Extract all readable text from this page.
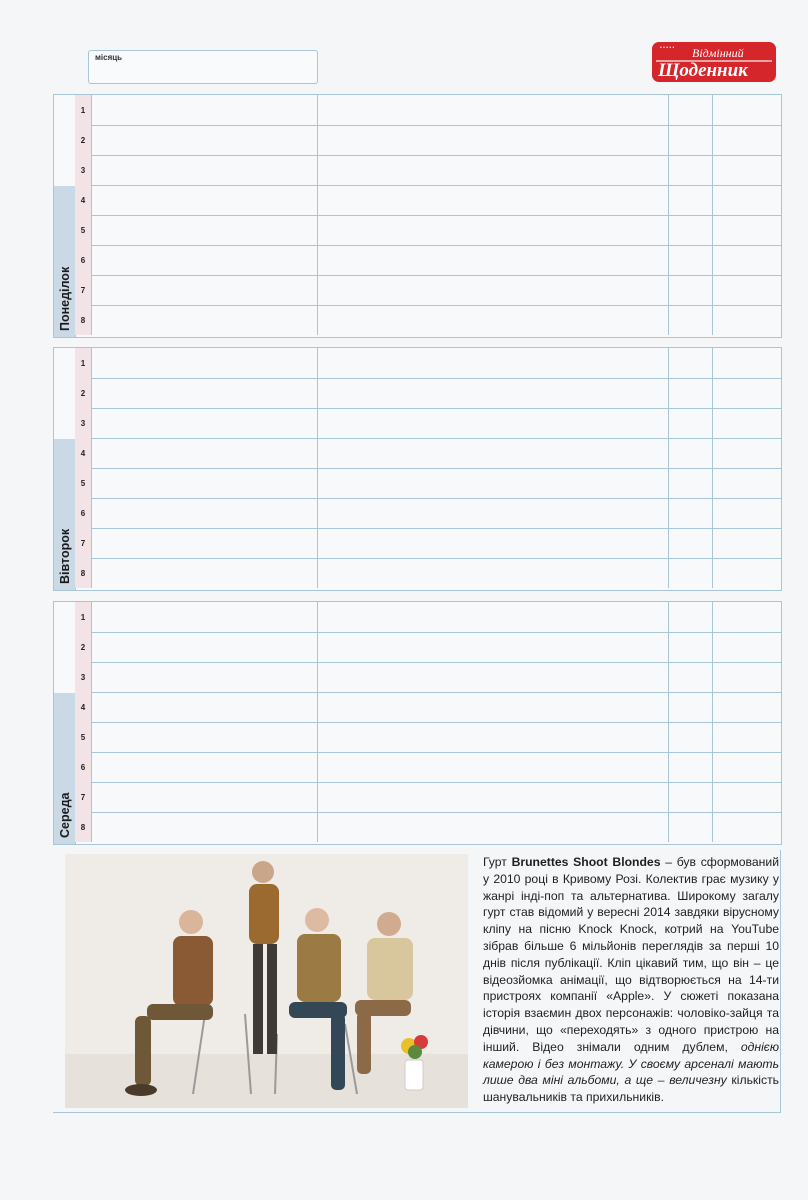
місяць
• • • • • Відмінний
Щоденник
Понеділок
1
2
3
4
5
6
7
8
Вівторок
1
2
3
4
5
6
7
8
Середа
1
2
3
4
5
6
7
8
Гурт Brunettes Shoot Blondes – був сформований у 2010 році в Кривому Розі. Колектив грає музику у жанрі інді-поп та альтернатива. Широкому загалу гурт став відомий у вересні 2014 завдяки вірусному кліпу на пісню Knock Knock, котрий на YouTube зібрав більше 6 мільйонів переглядів за перші 10 днів після публікації. Кліп цікавий тим, що він – це відеозйомка анімації, що відтворюється на 14-ти пристроях компанії «Apple». У сюжеті показана історія взаємин двох персонажів: чоловіко-зайця та дівчини, що «переходять» з одного пристрою на інший. Відео знімали одним дублем, однією камерою і без монтажу. У своєму арсеналі мають лише два міні альбоми, а ще – величезну кількість шанувальників та прихильників.
